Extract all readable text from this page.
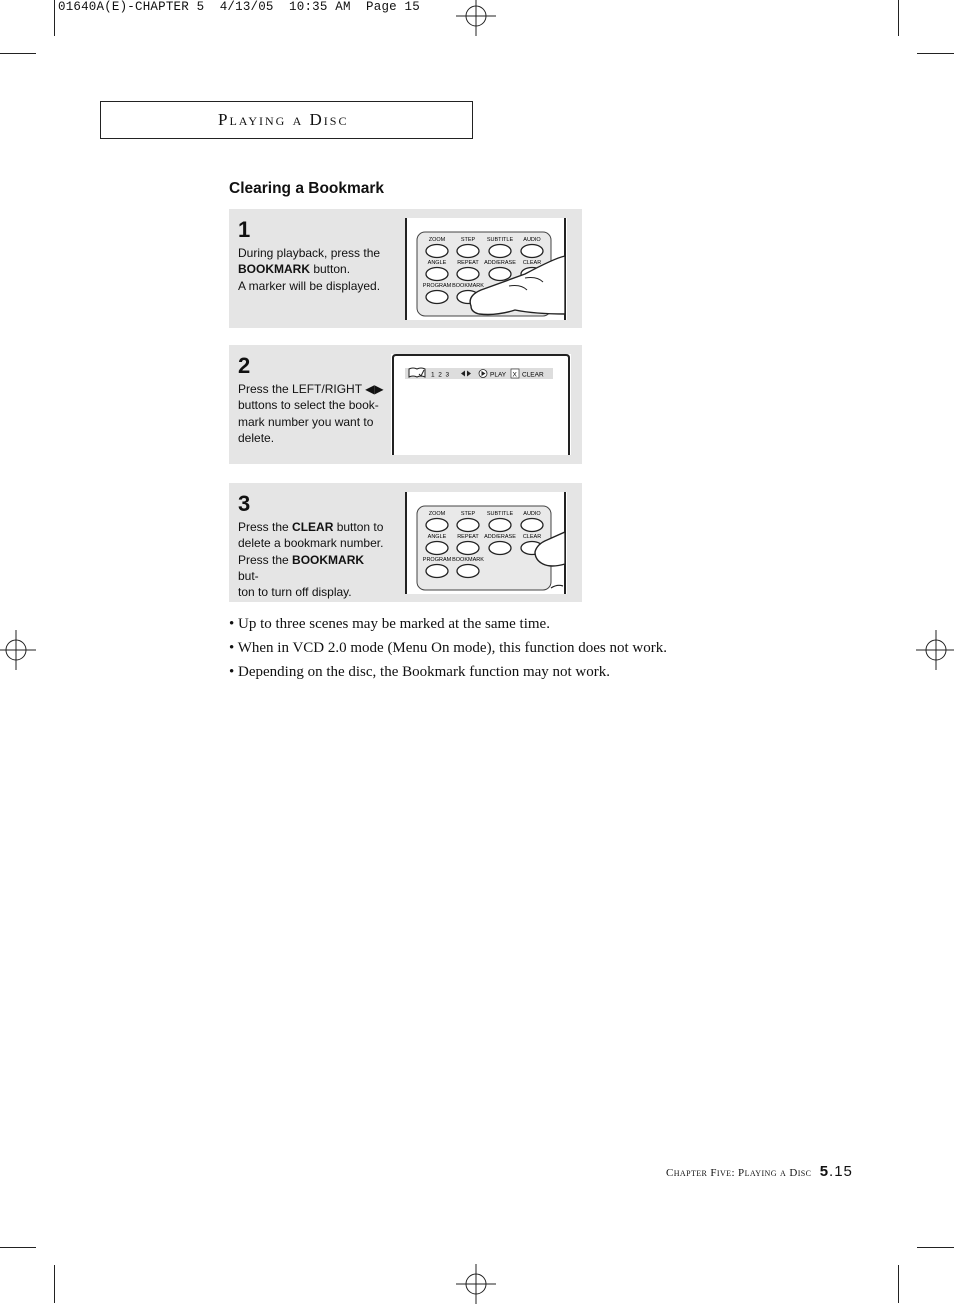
01640A(E)-CHAPTER 5  4/13/05  10:35 AM  Page 15
Playing a Disc
Clearing a Bookmark
1
During playback, press the
BOOKMARK button.
A marker will be displayed.
ZOOM	STEP SUBTITLE AUDIO
ANGLE REPEAT ADD/ERASE CLEAR
PROGRAM BOOKMARK
2
Press the LEFT/RIGHT ◀▶
buttons to select the book-
mark number you want to
delete.
1  2  3	PLAY X CLEAR
3
Press the CLEAR button to
delete a bookmark number.
Press the BOOKMARK but-
ton to turn off display.
ZOOM	STEP SUBTITLE AUDIO
ANGLE REPEAT ADD/ERASE CLEAR
PROGRAM BOOKMARK
• Up to three scenes may be marked at the same time.
• When in VCD 2.0 mode (Menu On mode), this function does not work.
• Depending on the disc, the Bookmark function may not work.
Chapter Five: Playing a Disc 5.15
